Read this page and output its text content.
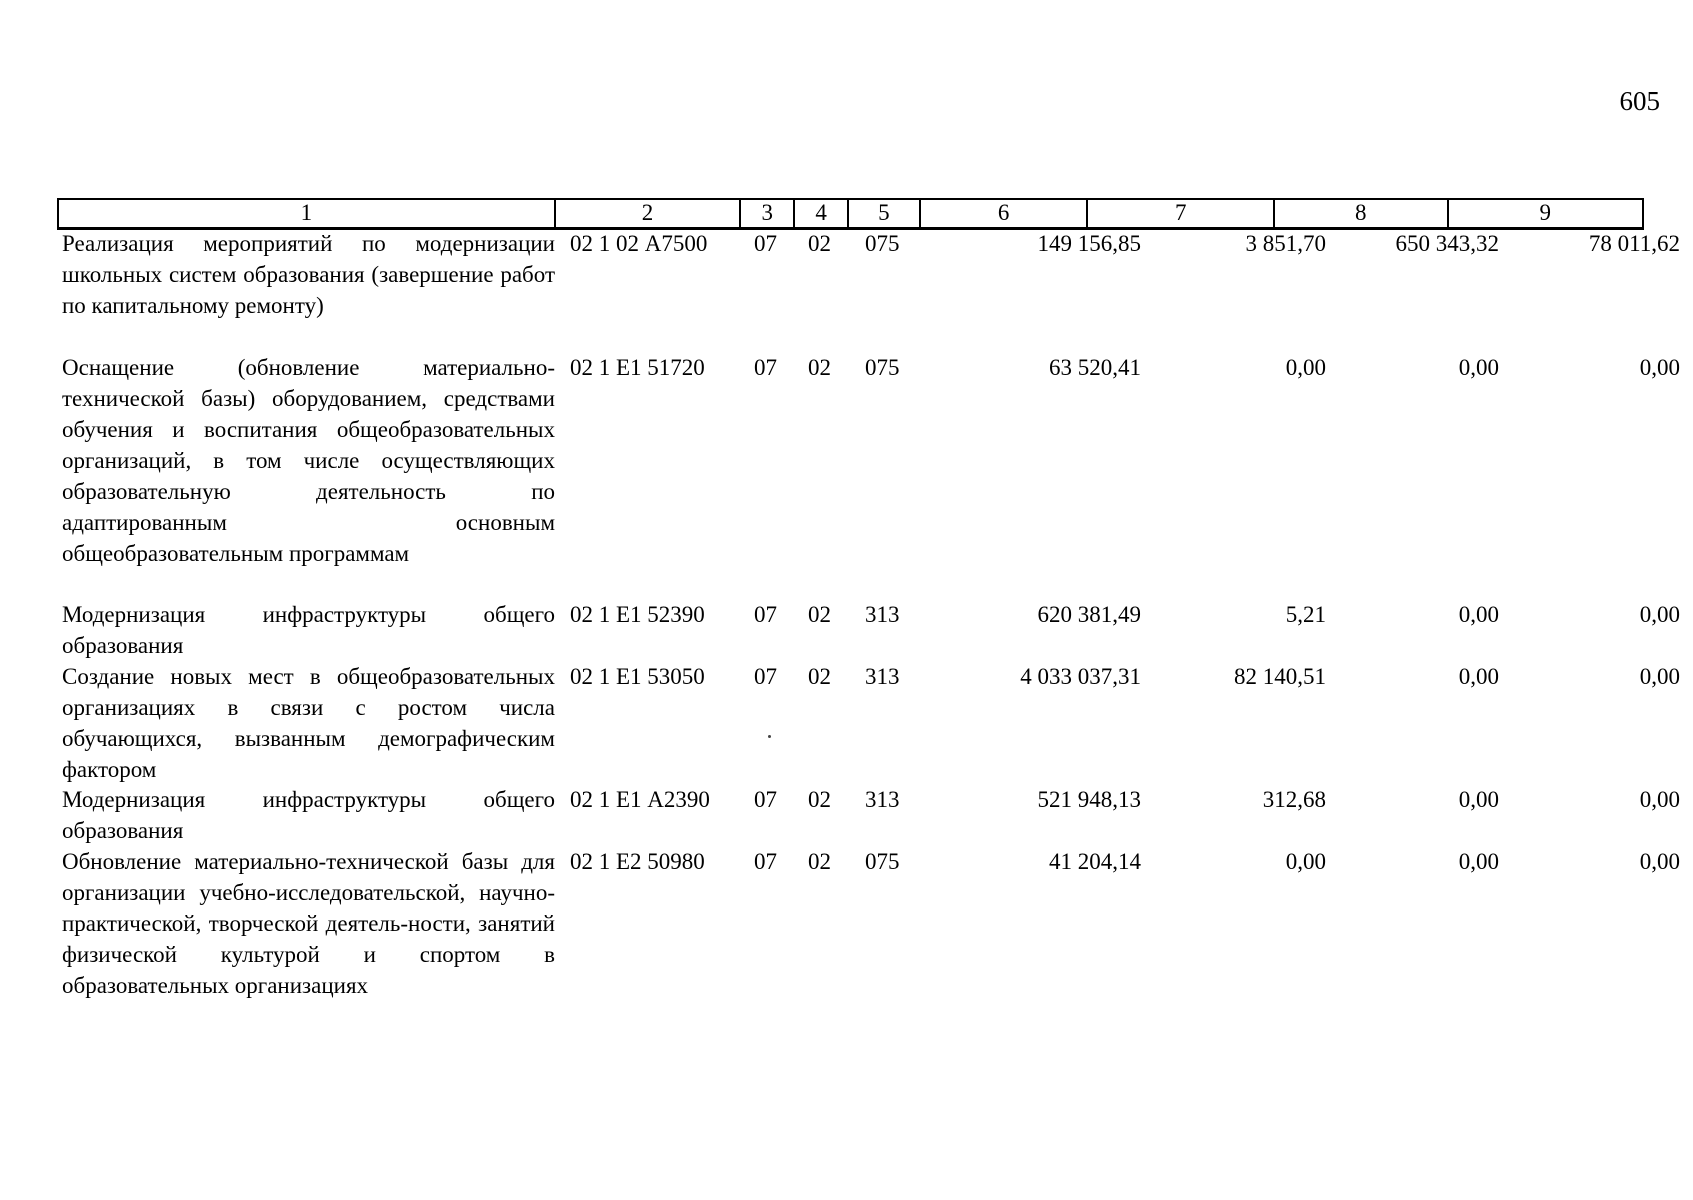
605
1	2	3	4	5	6	7	8	9
Реализация мероприятий по модернизации школьных систем образования (завершение работ по капитальному ремонту)
02 1 02 А7500	07	02	075	149 156,85	3 851,70	650 343,32	78 011,62
Оснащение (обновление материально-технической базы) оборудованием, средствами обучения и воспитания общеобразовательных организаций, в том числе осуществляющих образовательную деятельность по адаптированным основным общеобразовательным программам
02 1 Е1 51720	07	02	075	63 520,41	0,00	0,00	0,00
Модернизация инфраструктуры общего образования
02 1 Е1 52390	07	02	313	620 381,49	5,21	0,00	0,00
Создание новых мест в общеобразовательных организациях в связи с ростом числа обучающихся, вызванным демографическим фактором
02 1 Е1 53050	07	02	313	4 033 037,31	82 140,51	0,00	0,00
Модернизация инфраструктуры общего образования
02 1 Е1 А2390	07	02	313	521 948,13	312,68	0,00	0,00
Обновление материально-технической базы для организации учебно-исследовательской, научно-практической, творческой деятель-ности, занятий физической культурой и спортом в образовательных организациях
02 1 Е2 50980	07	02	075	41 204,14	0,00	0,00	0,00
